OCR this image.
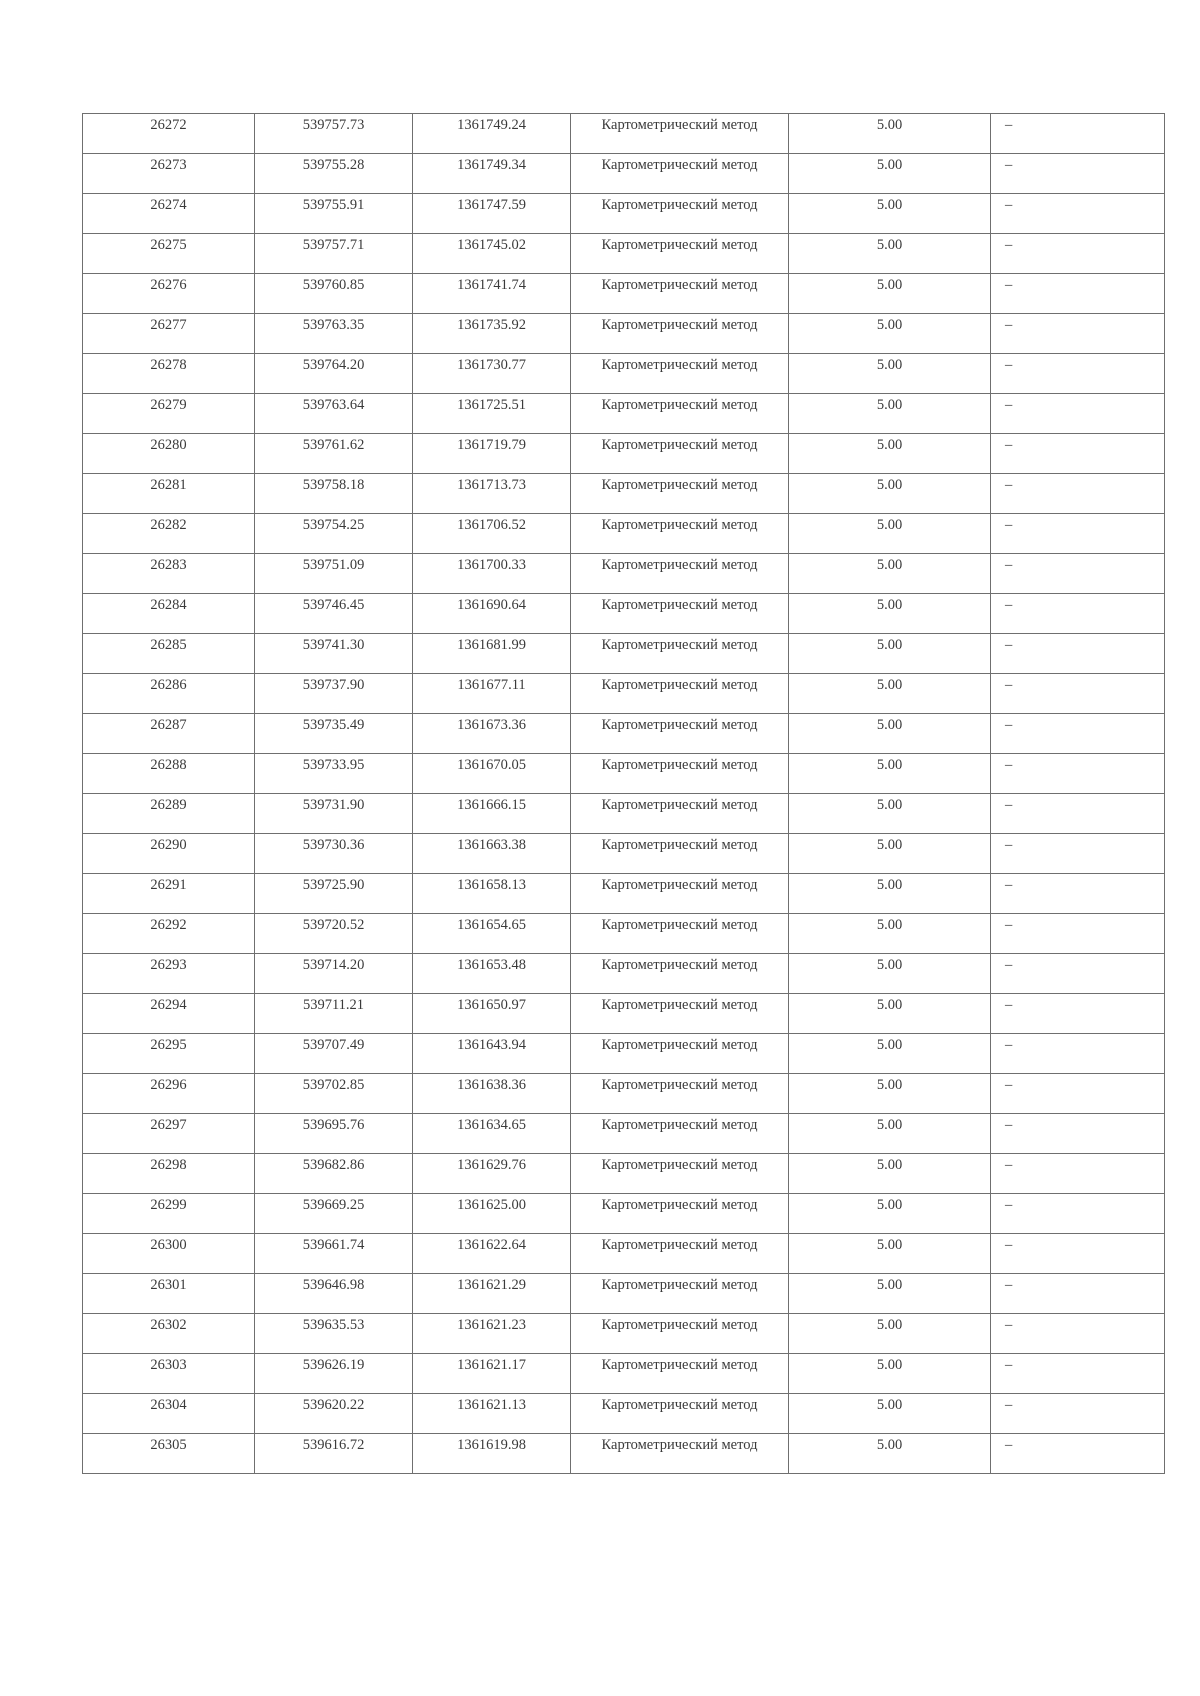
26272	539757.73	1361749.24	Картометрический метод	5.00	–
26273	539755.28	1361749.34	Картометрический метод	5.00	–
26274	539755.91	1361747.59	Картометрический метод	5.00	–
26275	539757.71	1361745.02	Картометрический метод	5.00	–
26276	539760.85	1361741.74	Картометрический метод	5.00	–
26277	539763.35	1361735.92	Картометрический метод	5.00	–
26278	539764.20	1361730.77	Картометрический метод	5.00	–
26279	539763.64	1361725.51	Картометрический метод	5.00	–
26280	539761.62	1361719.79	Картометрический метод	5.00	–
26281	539758.18	1361713.73	Картометрический метод	5.00	–
26282	539754.25	1361706.52	Картометрический метод	5.00	–
26283	539751.09	1361700.33	Картометрический метод	5.00	–
26284	539746.45	1361690.64	Картометрический метод	5.00	–
26285	539741.30	1361681.99	Картометрический метод	5.00	–
26286	539737.90	1361677.11	Картометрический метод	5.00	–
26287	539735.49	1361673.36	Картометрический метод	5.00	–
26288	539733.95	1361670.05	Картометрический метод	5.00	–
26289	539731.90	1361666.15	Картометрический метод	5.00	–
26290	539730.36	1361663.38	Картометрический метод	5.00	–
26291	539725.90	1361658.13	Картометрический метод	5.00	–
26292	539720.52	1361654.65	Картометрический метод	5.00	–
26293	539714.20	1361653.48	Картометрический метод	5.00	–
26294	539711.21	1361650.97	Картометрический метод	5.00	–
26295	539707.49	1361643.94	Картометрический метод	5.00	–
26296	539702.85	1361638.36	Картометрический метод	5.00	–
26297	539695.76	1361634.65	Картометрический метод	5.00	–
26298	539682.86	1361629.76	Картометрический метод	5.00	–
26299	539669.25	1361625.00	Картометрический метод	5.00	–
26300	539661.74	1361622.64	Картометрический метод	5.00	–
26301	539646.98	1361621.29	Картометрический метод	5.00	–
26302	539635.53	1361621.23	Картометрический метод	5.00	–
26303	539626.19	1361621.17	Картометрический метод	5.00	–
26304	539620.22	1361621.13	Картометрический метод	5.00	–
26305	539616.72	1361619.98	Картометрический метод	5.00	–
